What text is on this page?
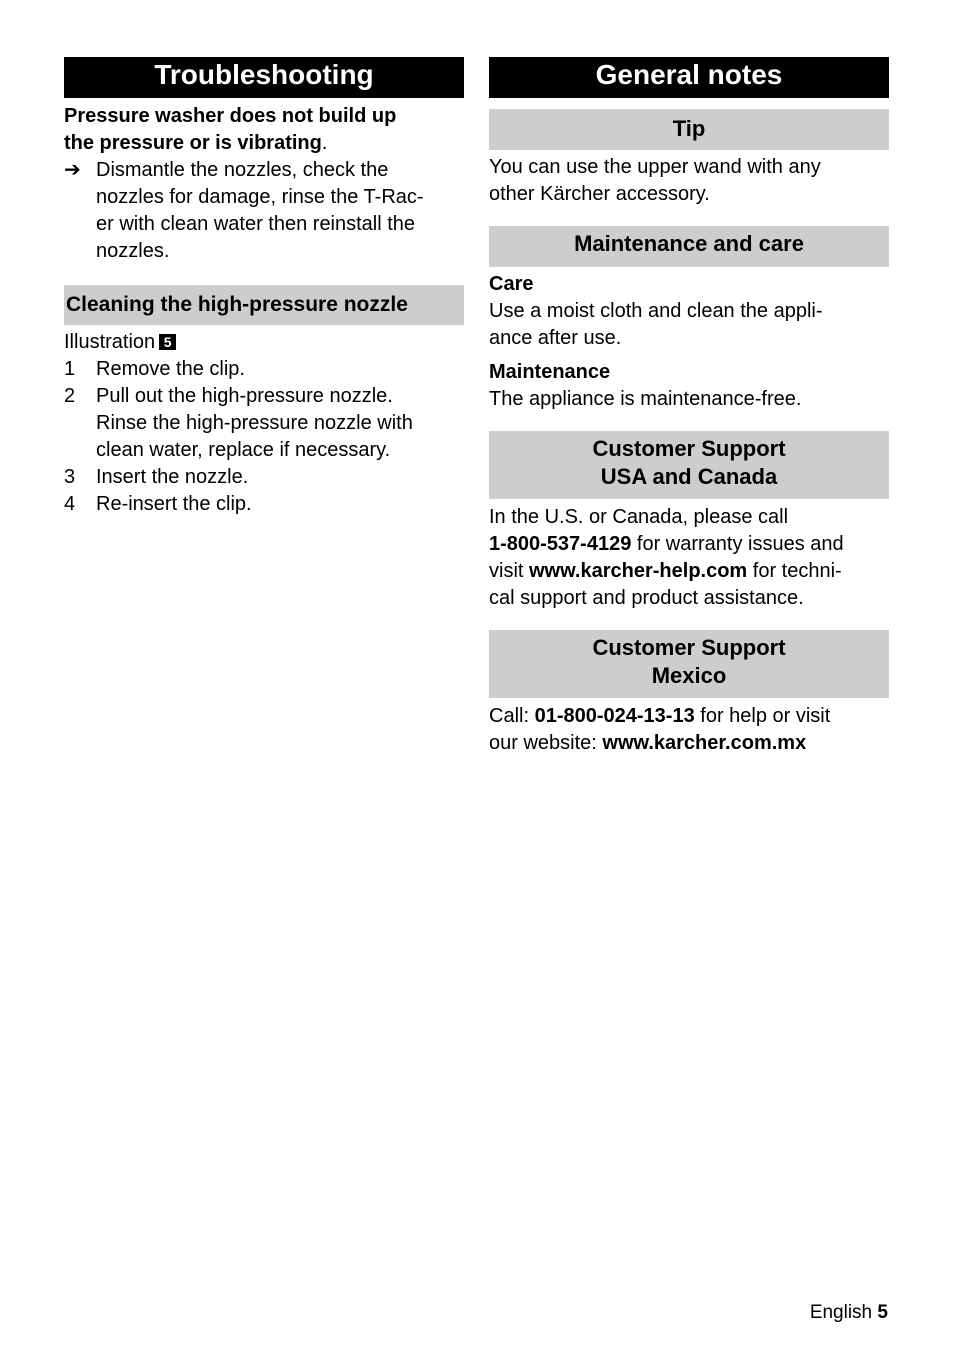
Troubleshooting

Pressure washer does not build up

the pressure or is vibrating.

➔ Dismantle the nozzles, check the
nozzles for damage, rinse the T-Rac-
er with clean water then reinstall the
nozzles.
Cleaning the high-pressure nozzle

Illustration 5

1	Remove the clip.
2	Pull out the high-pressure nozzle.
Rinse the high-pressure nozzle with
clean water, replace if necessary.
3	Insert the nozzle.
4	Re-insert the clip.
General notes
Tip

You can use the upper wand with any

other Kärcher accessory.

Maintenance and care

Care

Use a moist cloth and clean the appli-

ance after use.

Maintenance

The appliance is maintenance-free.

Customer Support
USA and Canada

In the U.S. or Canada, please call

1-800-537-4129 for warranty issues and

visit www.karcher-help.com for techni-

cal support and product assistance.

Customer Support
Mexico

Call: 01-800-024-13-13 for help or visit

our website: www.karcher.com.mx

English 5
